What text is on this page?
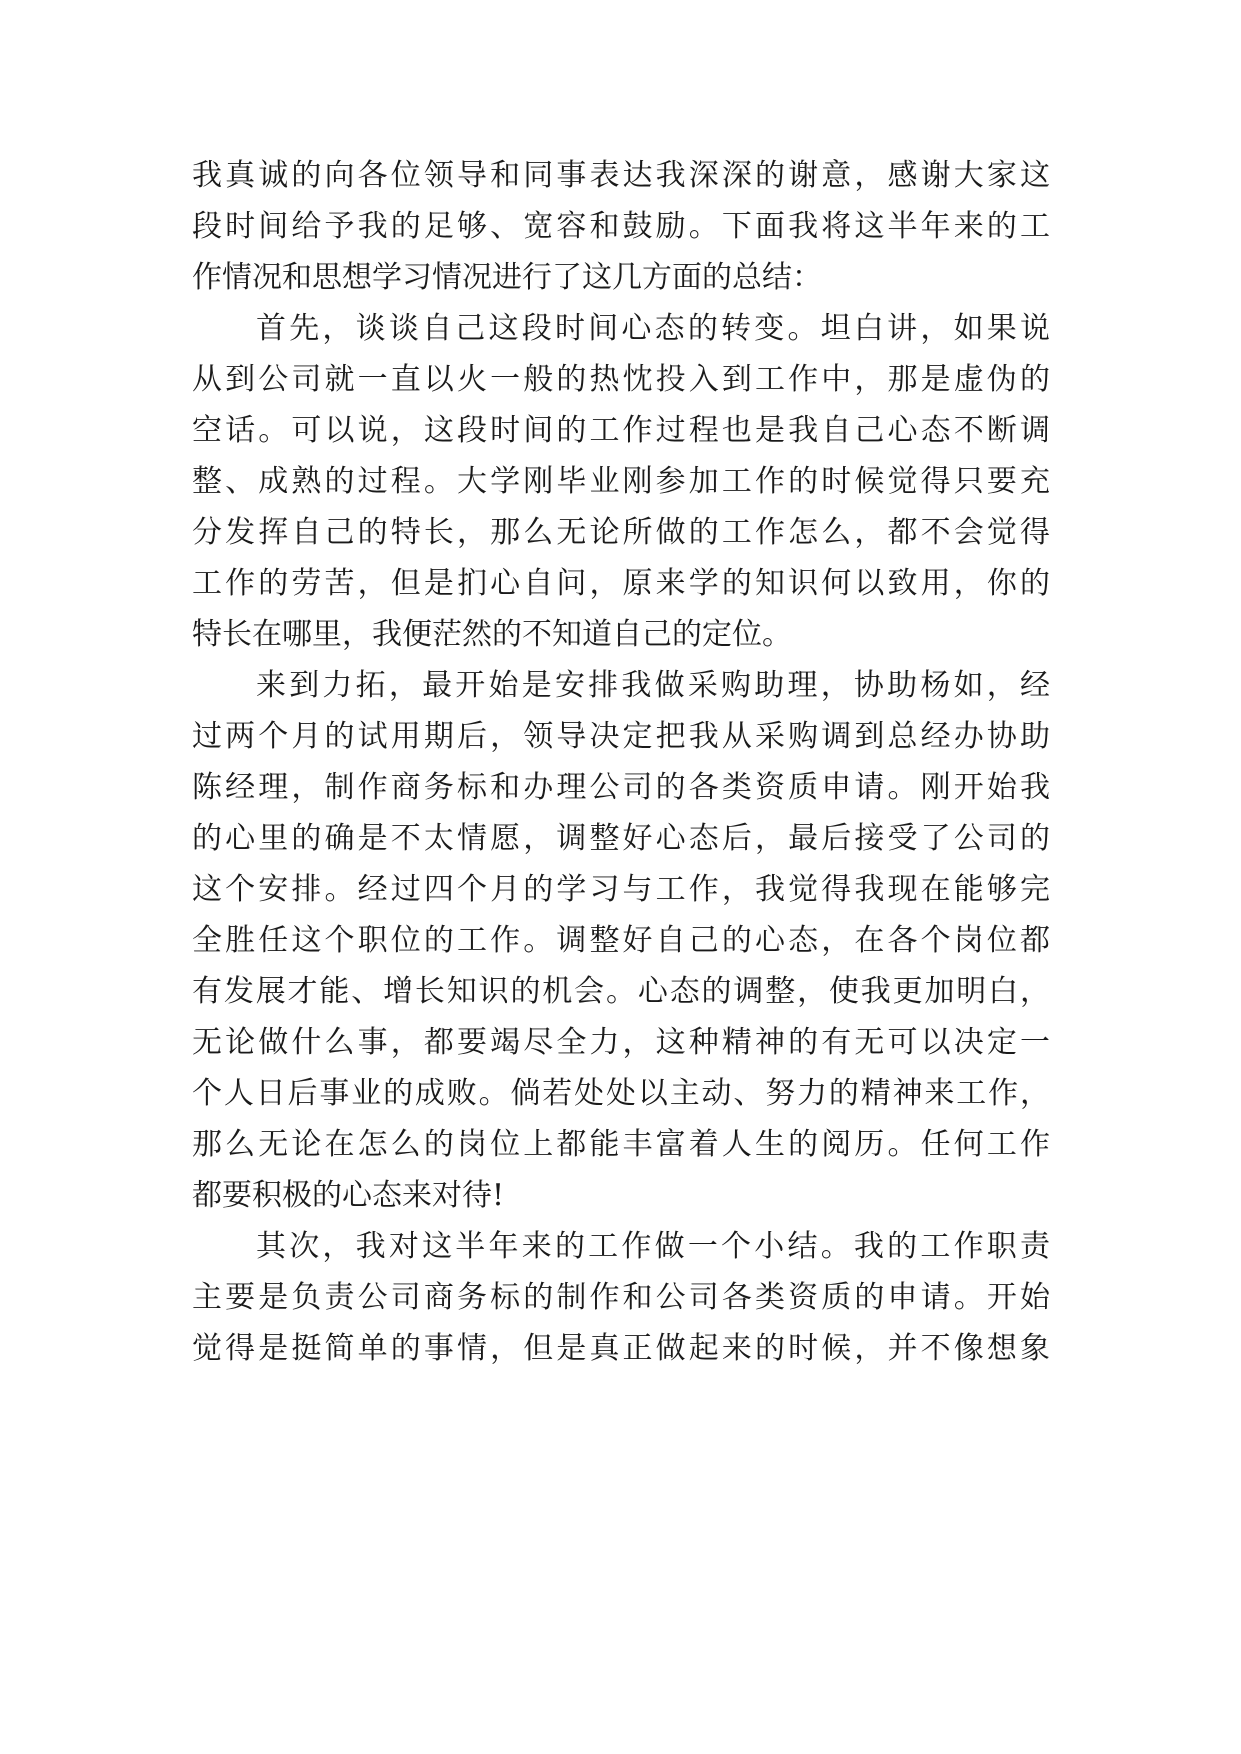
我真诚的向各位领导和同事表达我深深的谢意，感谢大家这
段时间给予我的足够、宽容和鼓励。下面我将这半年来的工
作情况和思想学习情况进行了这几方面的总结：
首先，谈谈自己这段时间心态的转变。坦白讲，如果说
从到公司就一直以火一般的热忱投入到工作中，那是虚伪的
空话。可以说，这段时间的工作过程也是我自己心态不断调
整、成熟的过程。大学刚毕业刚参加工作的时候觉得只要充
分发挥自己的特长，那么无论所做的工作怎么，都不会觉得
工作的劳苦，但是扪心自问，原来学的知识何以致用，你的
特长在哪里，我便茫然的不知道自己的定位。
来到力拓，最开始是安排我做采购助理，协助杨如，经
过两个月的试用期后，领导决定把我从采购调到总经办协助
陈经理，制作商务标和办理公司的各类资质申请。刚开始我
的心里的确是不太情愿，调整好心态后，最后接受了公司的
这个安排。经过四个月的学习与工作，我觉得我现在能够完
全胜任这个职位的工作。调整好自己的心态，在各个岗位都
有发展才能、增长知识的机会。心态的调整，使我更加明白，
无论做什么事，都要竭尽全力，这种精神的有无可以决定一
个人日后事业的成败。倘若处处以主动、努力的精神来工作，
那么无论在怎么的岗位上都能丰富着人生的阅历。任何工作
都要积极的心态来对待!
其次，我对这半年来的工作做一个小结。我的工作职责
主要是负责公司商务标的制作和公司各类资质的申请。开始
觉得是挺简单的事情，但是真正做起来的时候，并不像想象
